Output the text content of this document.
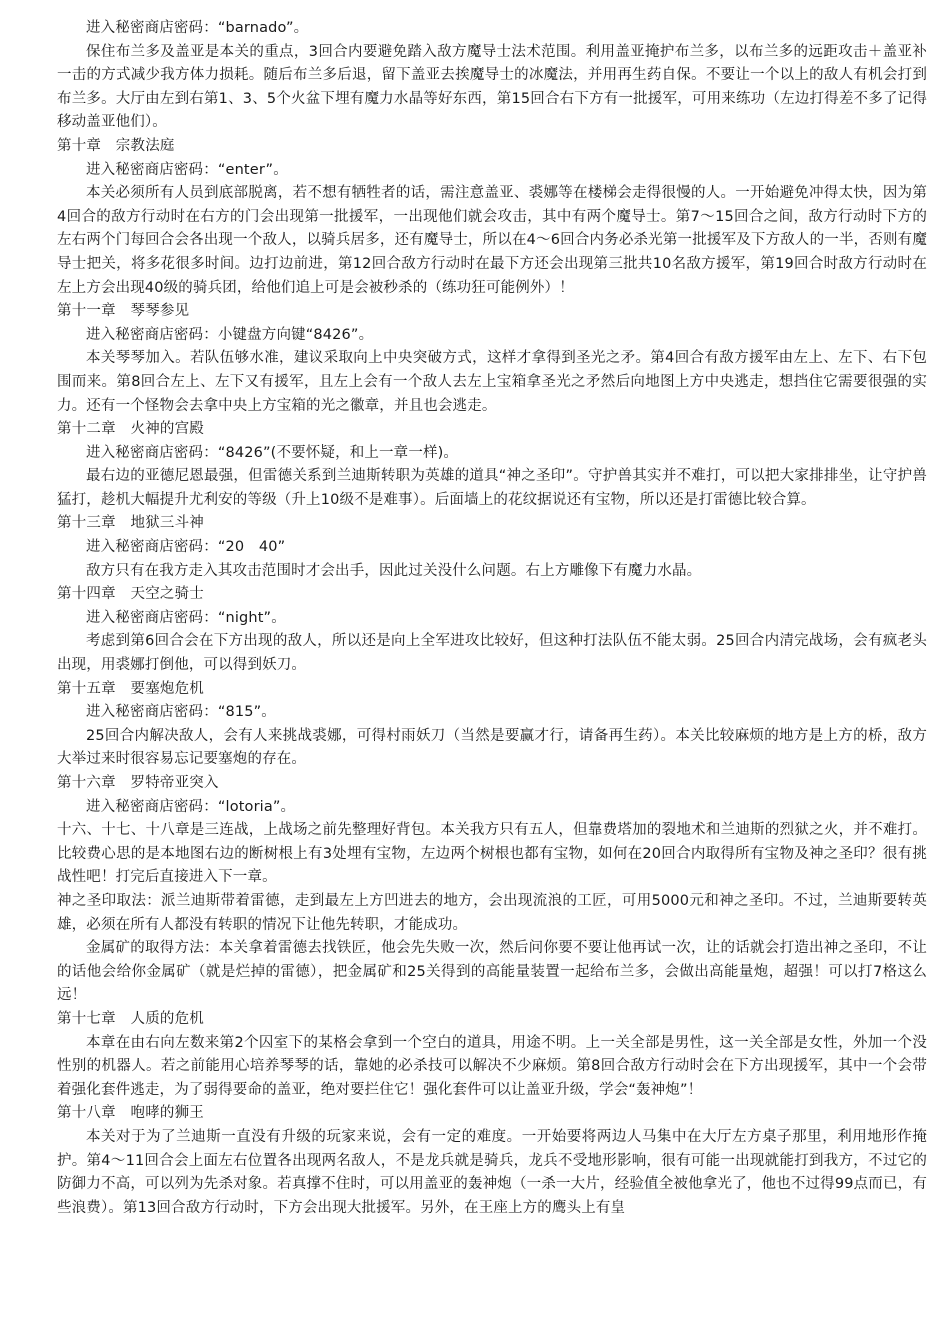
进入秘密商店密码：“barnado”。

保住布兰多及盖亚是本关的重点，3回合内要避免踏入敌方魔导士法术范围。利用盖亚掩护布兰多，以布兰多的远距攻击＋盖亚补一击的方式减少我方体力损耗。随后布兰多后退，留下盖亚去挨魔导士的冰魔法，并用再生药自保。不要让一个以上的敌人有机会打到布兰多。大厅由左到右第1、3、5个火盆下埋有魔力水晶等好东西，第15回合右下方有一批援军，可用来练功（左边打得差不多了记得移动盖亚他们）。

第十章　宗教法庭

进入秘密商店密码：“enter”。

本关必须所有人员到底部脱离，若不想有牺牲者的话，需注意盖亚、裘娜等在楼梯会走得很慢的人。一开始避免冲得太快，因为第4回合的敌方行动时在右方的门会出现第一批援军，一出现他们就会攻击，其中有两个魔导士。第7～15回合之间，敌方行动时下方的左右两个门每回合会各出现一个敌人，以骑兵居多，还有魔导士，所以在4～6回合内务必杀光第一批援军及下方敌人的一半，否则有魔导士把关，将多花很多时间。边打边前进，第12回合敌方行动时在最下方还会出现第三批共10名敌方援军，第19回合时敌方行动时在左上方会出现40级的骑兵团，给他们追上可是会被秒杀的（练功狂可能例外）！

第十一章　琴琴参见

进入秘密商店密码：小键盘方向键“8426”。

本关琴琴加入。若队伍够水准，建议采取向上中央突破方式，这样才拿得到圣光之矛。第4回合有敌方援军由左上、左下、右下包围而来。第8回合左上、左下又有援军，且左上会有一个敌人去左上宝箱拿圣光之矛然后向地图上方中央逃走，想挡住它需要很强的实力。还有一个怪物会去拿中央上方宝箱的光之徽章，并且也会逃走。

第十二章　火神的宫殿

进入秘密商店密码：“8426”(不要怀疑，和上一章一样)。

最右边的亚德尼恩最强，但雷德关系到兰迪斯转职为英雄的道具“神之圣印”。守护兽其实并不难打，可以把大家排排坐，让守护兽猛打，趁机大幅提升尤利安的等级（升上10级不是难事）。后面墙上的花纹据说还有宝物，所以还是打雷德比较合算。

第十三章　地狱三斗神

进入秘密商店密码：“20　40”

敌方只有在我方走入其攻击范围时才会出手，因此过关没什么问题。右上方雕像下有魔力水晶。

第十四章　天空之骑士

进入秘密商店密码：“night”。

考虑到第6回合会在下方出现的敌人，所以还是向上全军进攻比较好，但这种打法队伍不能太弱。25回合内清完战场，会有疯老头出现，用裘娜打倒他，可以得到妖刀。

第十五章　要塞炮危机

进入秘密商店密码：“815”。

25回合内解决敌人，会有人来挑战裘娜，可得村雨妖刀（当然是要赢才行，请备再生药）。本关比较麻烦的地方是上方的桥，敌方大举过来时很容易忘记要塞炮的存在。

第十六章　罗特帝亚突入

进入秘密商店密码：“lotoria”。

十六、十七、十八章是三连战，上战场之前先整理好背包。本关我方只有五人，但靠费塔加的裂地术和兰迪斯的烈狱之火，并不难打。比较费心思的是本地图右边的断树根上有3处埋有宝物，左边两个树根也都有宝物，如何在20回合内取得所有宝物及神之圣印？很有挑战性吧！打完后直接进入下一章。

神之圣印取法：派兰迪斯带着雷德，走到最左上方凹进去的地方，会出现流浪的工匠，可用5000元和神之圣印。不过，兰迪斯要转英雄，必须在所有人都没有转职的情况下让他先转职，才能成功。

金属矿的取得方法：本关拿着雷德去找铁匠，他会先失败一次，然后问你要不要让他再试一次，让的话就会打造出神之圣印，不让的话他会给你金属矿（就是烂掉的雷德），把金属矿和25关得到的高能量装置一起给布兰多，会做出高能量炮，超强！可以打7格这么远！

第十七章　人质的危机

本章在由右向左数来第2个囚室下的某格会拿到一个空白的道具，用途不明。上一关全部是男性，这一关全部是女性，外加一个没性别的机器人。若之前能用心培养琴琴的话，靠她的必杀技可以解决不少麻烦。第8回合敌方行动时会在下方出现援军，其中一个会带着强化套件逃走，为了弱得要命的盖亚，绝对要拦住它！强化套件可以让盖亚升级，学会“轰神炮”！

第十八章　咆哮的狮王

本关对于为了兰迪斯一直没有升级的玩家来说，会有一定的难度。一开始要将两边人马集中在大厅左方桌子那里，利用地形作掩护。第4～11回合会上面左右位置各出现两名敌人，不是龙兵就是骑兵，龙兵不受地形影响，很有可能一出现就能打到我方，不过它的防御力不高，可以列为先杀对象。若真撑不住时，可以用盖亚的轰神炮（一杀一大片，经验值全被他拿光了，他也不过得99点而已，有些浪费）。第13回合敌方行动时，下方会出现大批援军。另外，在王座上方的鹰头上有皇
